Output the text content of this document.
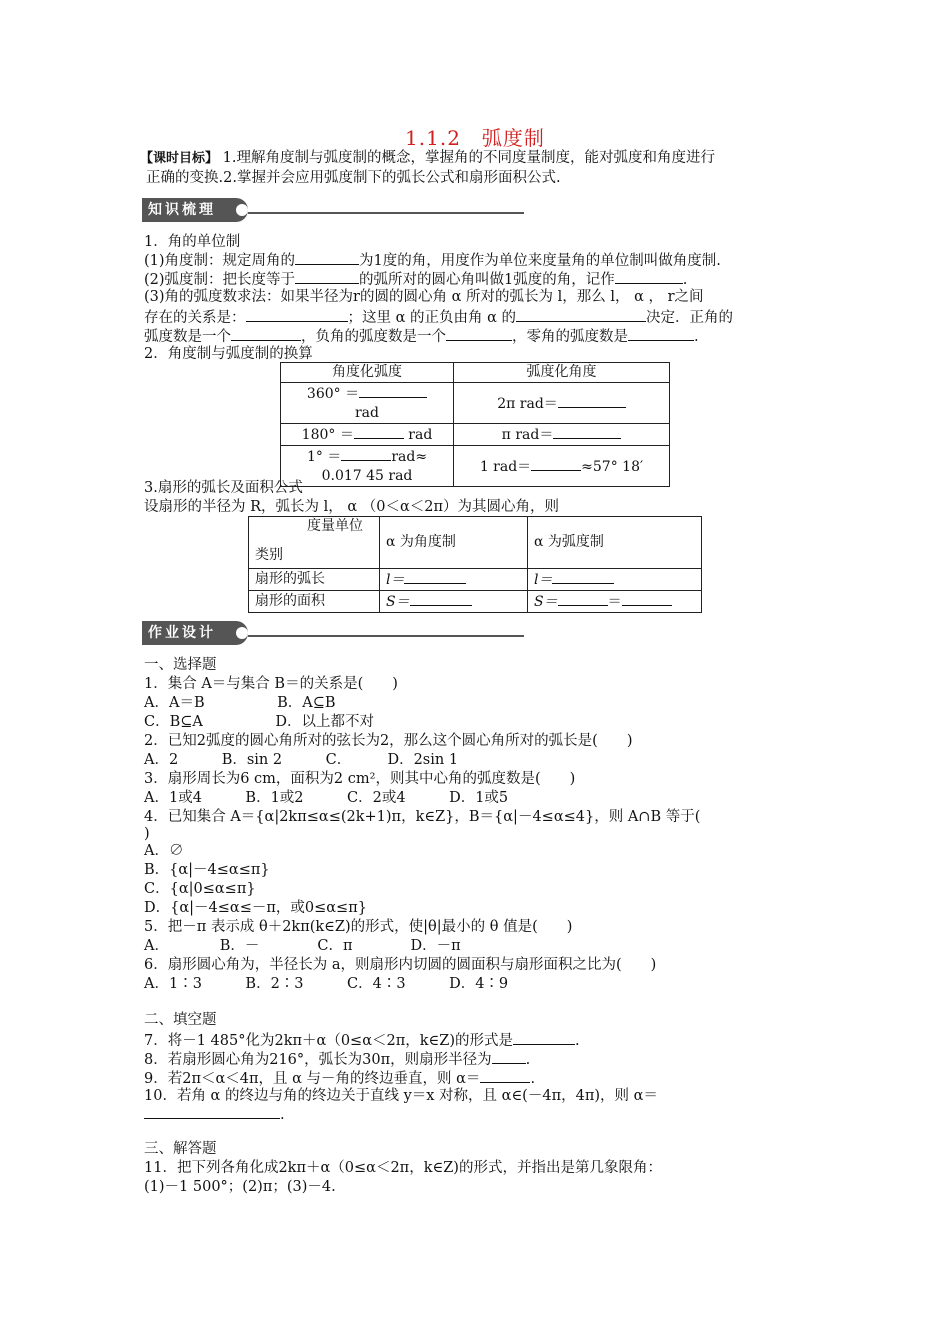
1.1.2　弧度制
【课时目标】 1.理解角度制与弧度制的概念，掌握角的不同度量制度，能对弧度和角度进行
正确的变换.2.掌握并会应用弧度制下的弧长公式和扇形面积公式.
知识梳理
1．角的单位制
(1)角度制：规定周角的	为1度的角，用度作为单位来度量角的单位制叫做角度制.
(2)弧度制：把长度等于	的弧所对的圆心角叫做1弧度的角，记作	.
(3)角的弧度数求法：如果半径为r的圆的圆心角 α 所对的弧长为 l，那么 l， α ， r之间
存在的关系是：	；这里 α 的正负由角 α 的	决定．正角的
弧度数是一个	，负角的弧度数是一个	，零角的弧度数是	.
2．角度制与弧度制的换算
角度化弧度	弧度化角度
360° ＝
rad	2π rad＝
180° ＝ rad	π rad＝
1° ＝ rad≈
0.017 45 rad	1 rad＝ ≈57° 18′
3.扇形的弧长及面积公式
设扇形的半径为 R，弧长为 l， α （0＜α＜2π）为其圆心角，则
度量单位
类别	α 为角度制	α 为弧度制
扇形的弧长	l＝	l＝
扇形的面积	S＝	S＝ ＝
作业设计
一、选择题
1．集合 A＝与集合 B＝的关系是(　　)
A．A＝B　　　　　B．A⊆B
C．B⊆A　　　　　D．以上都不对
2．已知2弧度的圆心角所对的弦长为2，那么这个圆心角所对的弧长是(　　)
A．2　　　B．sin 2　　　C．　　　D．2sin 1
3．扇形周长为6 cm，面积为2 cm²，则其中心角的弧度数是(　　)
A．1或4　　　B．1或2　　　C．2或4　　　D．1或5
4．已知集合 A＝{α|2kπ≤α≤(2k+1)π，k∈Z}，B＝{α|－4≤α≤4}，则 A∩B 等于(
)
A．∅
B．{α|－4≤α≤π}
C．{α|0≤α≤π}
D．{α|－4≤α≤－π，或0≤α≤π}
5．把－π 表示成 θ＋2kπ(k∈Z)的形式，使|θ|最小的 θ 值是(　　)
A．　　　　B．－　　　　C．π　　　　D．－π
6．扇形圆心角为，半径长为 a，则扇形内切圆的圆面积与扇形面积之比为(　　)
A．1∶3　　　B．2∶3　　　C．4∶3　　　D．4∶9
二、填空题
7．将－1 485°化为2kπ＋α（0≤α＜2π，k∈Z)的形式是	.
8．若扇形圆心角为216°，弧长为30π，则扇形半径为 .
9．若2π＜α＜4π，且 α 与－角的终边垂直，则 α＝	.
10．若角 α 的终边与角的终边关于直线 y＝x 对称，且 α∈(－4π，4π)，则 α＝
.
三、解答题
11．把下列各角化成2kπ＋α（0≤α＜2π，k∈Z)的形式，并指出是第几象限角：
(1)－1 500°；(2)π；(3)－4.
